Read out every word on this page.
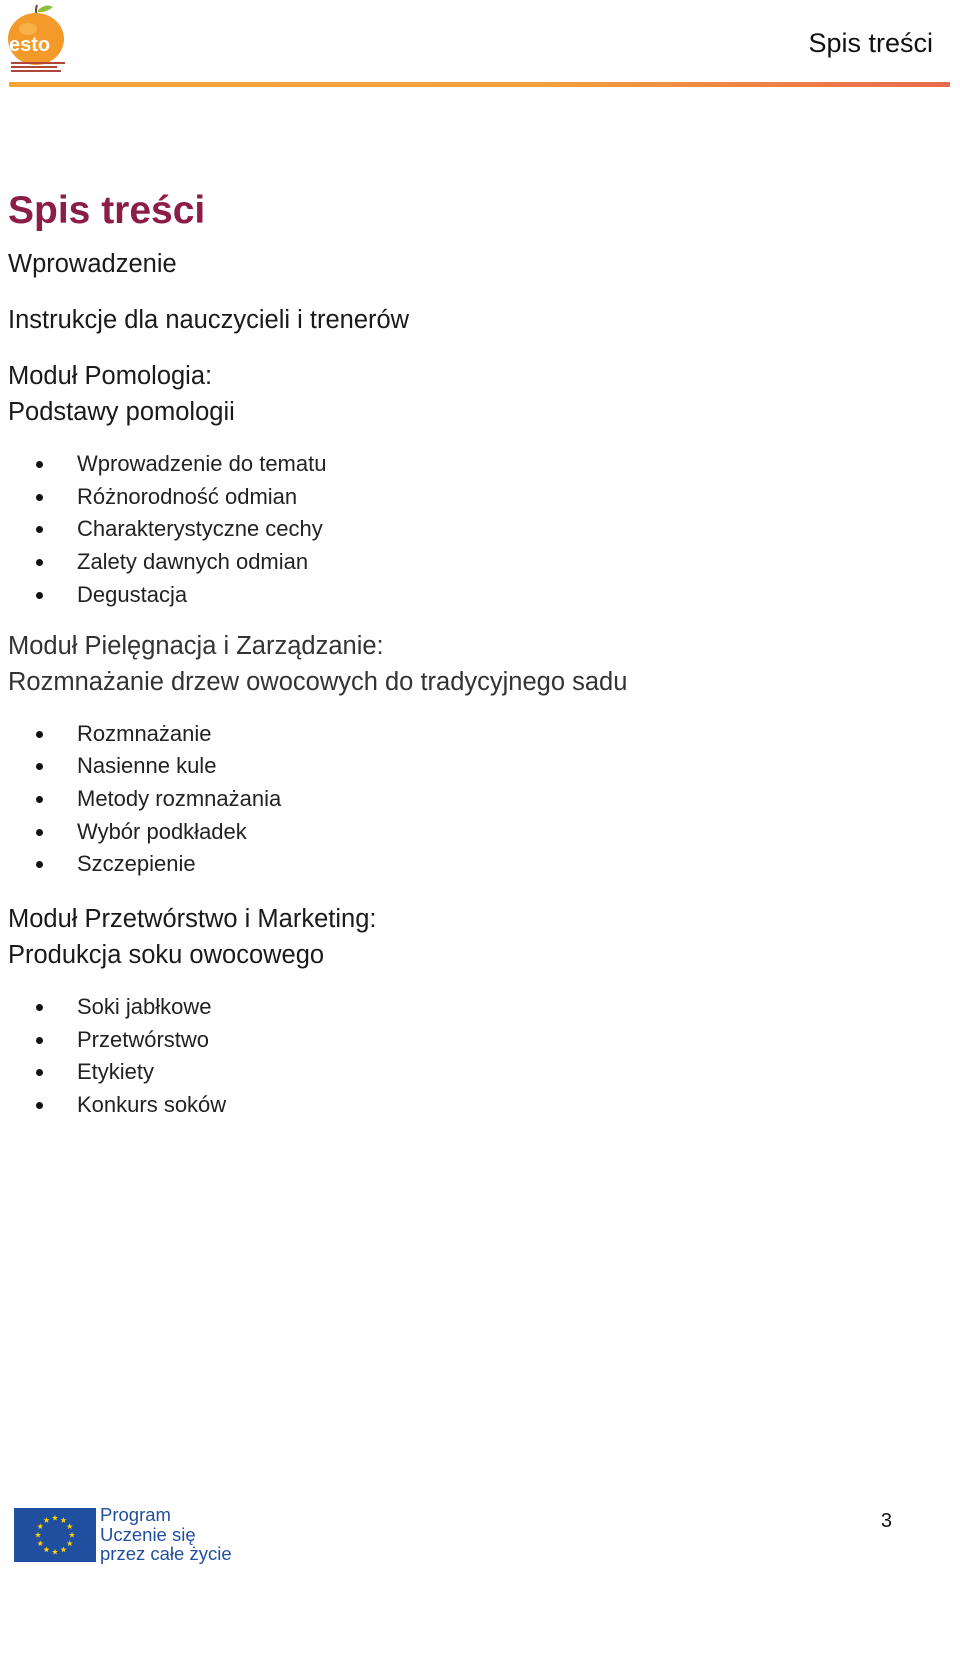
esto	Spis treści
Spis treści
Wprowadzenie
Instrukcje dla nauczycieli i trenerów
Moduł Pomologia:
Podstawy pomologii
Wprowadzenie do tematu
Różnorodność odmian
Charakterystyczne cechy
Zalety dawnych odmian
Degustacja
Moduł Pielęgnacja i Zarządzanie:
Rozmnażanie drzew owocowych do tradycyjnego sadu
Rozmnażanie
Nasienne kule
Metody rozmnażania
Wybór podkładek
Szczepienie
Moduł Przetwórstwo i Marketing:
Produkcja soku owocowego
Soki jabłkowe
Przetwórstwo
Etykiety
Konkurs soków
Program
Uczenie się
przez całe życie
3
